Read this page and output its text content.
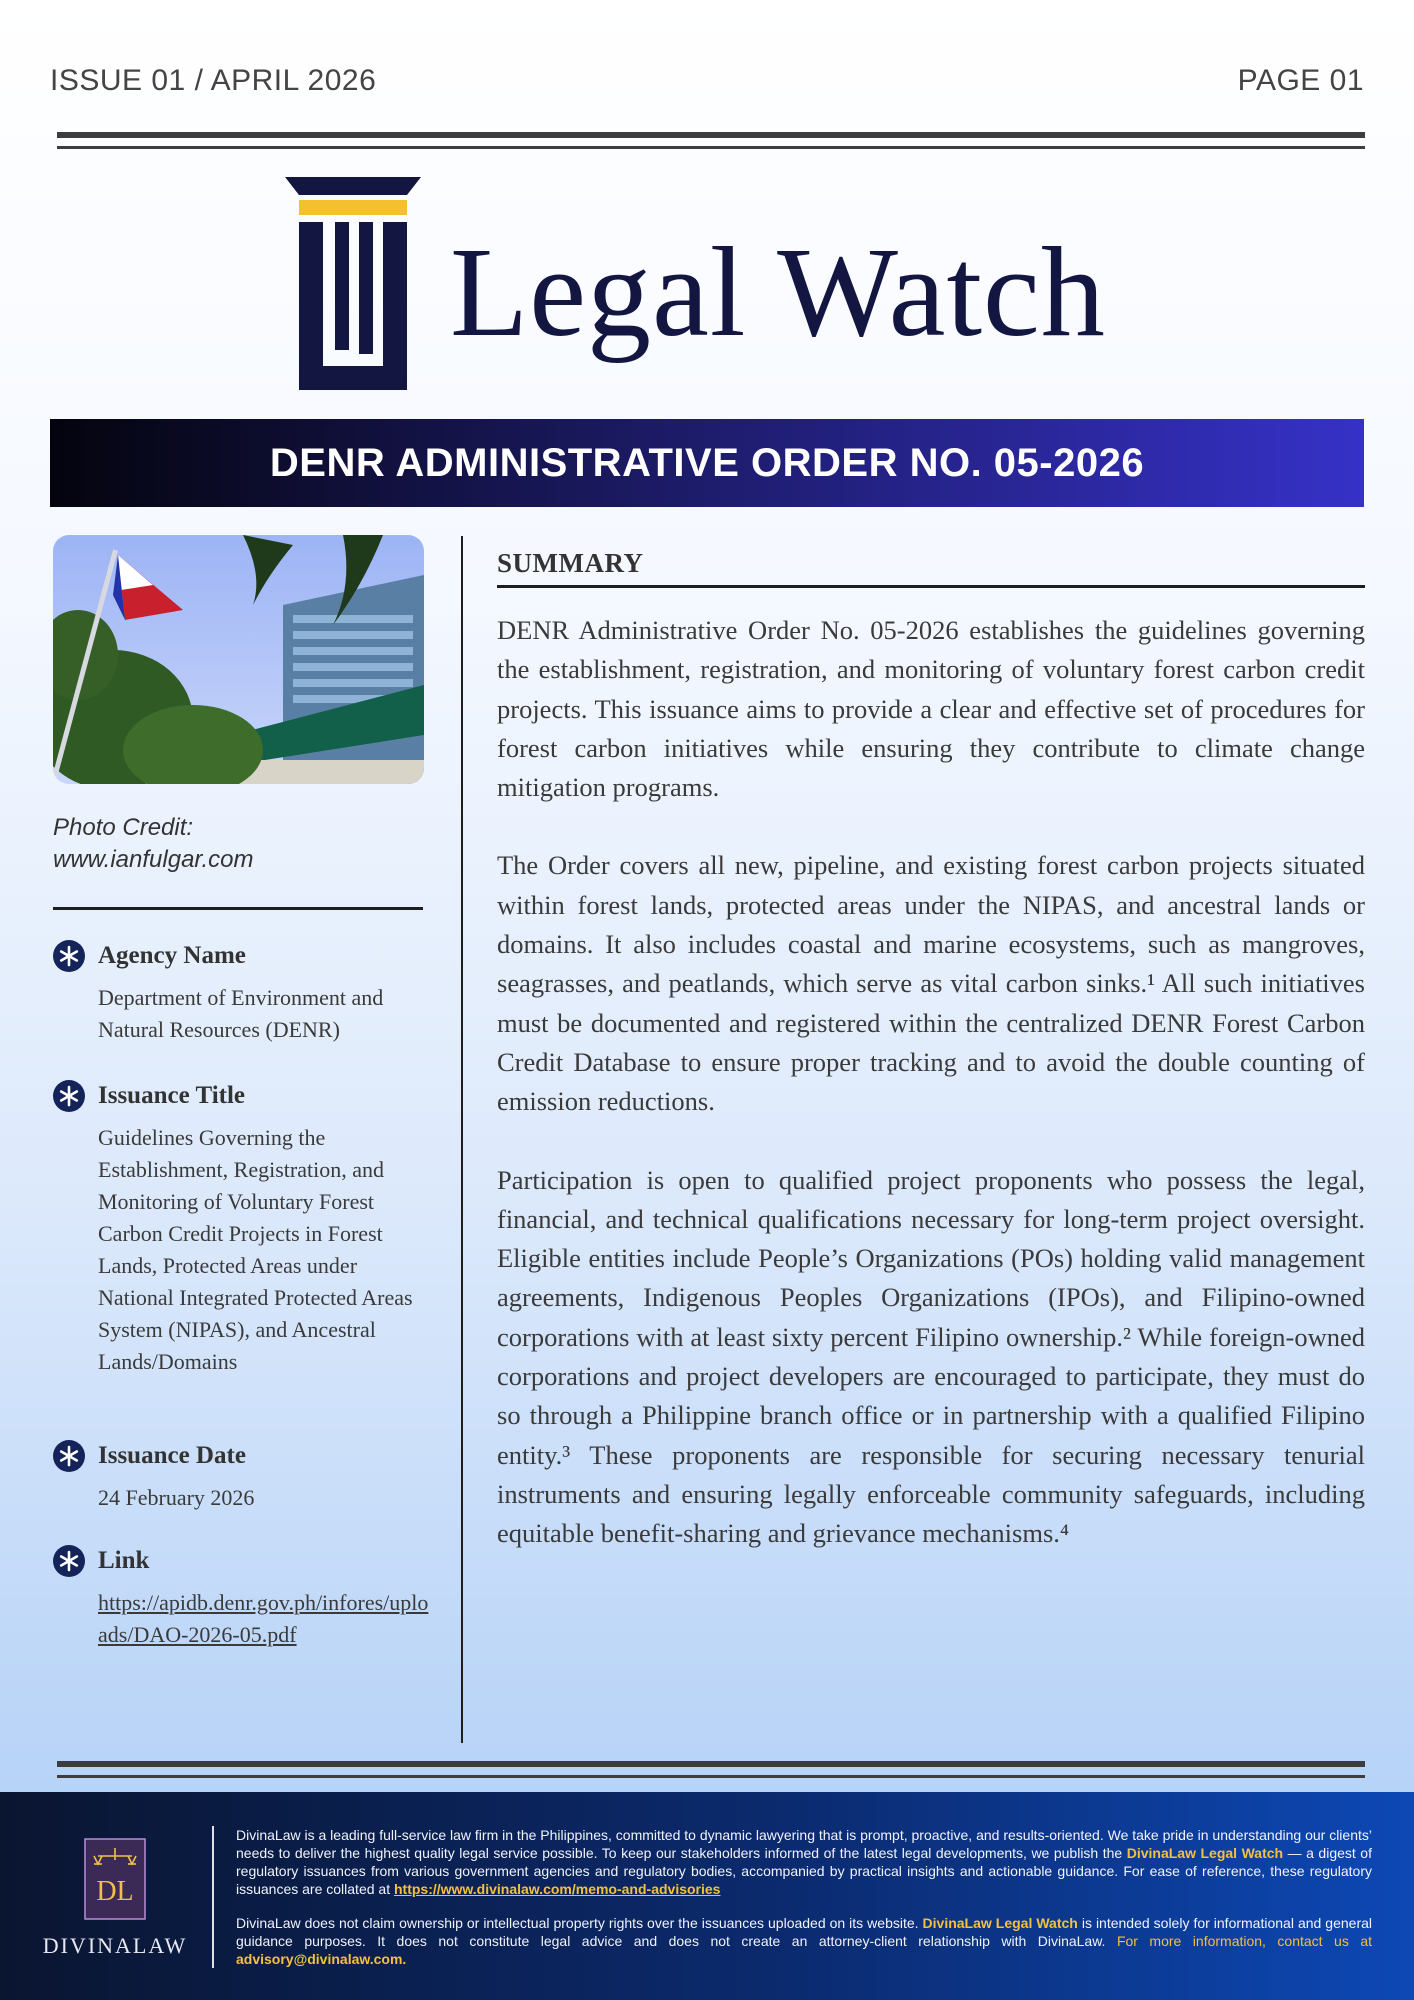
ISSUE 01 / APRIL 2026	PAGE 01
Legal Watch
DENR ADMINISTRATIVE ORDER NO. 05-2026
Photo Credit:
www.ianfulgar.com
Agency Name
Department of Environment and Natural Resources (DENR)
Issuance Title
Guidelines Governing the Establishment, Registration, and Monitoring of Voluntary Forest Carbon Credit Projects in Forest Lands, Protected Areas under National Integrated Protected Areas System (NIPAS), and Ancestral Lands/Domains
Issuance Date
24 February 2026
Link
https://apidb.denr.gov.ph/infores/uploads/DAO-2026-05.pdf
SUMMARY

DENR Administrative Order No. 05-2026 establishes the guidelines governing the establishment, registration, and monitoring of voluntary forest carbon credit projects. This issuance aims to provide a clear and effective set of procedures for forest carbon initiatives while ensuring they contribute to climate change mitigation programs.

The Order covers all new, pipeline, and existing forest carbon projects situated within forest lands, protected areas under the NIPAS, and ancestral lands or domains. It also includes coastal and marine ecosystems, such as mangroves, seagrasses, and peatlands, which serve as vital carbon sinks.¹ All such initiatives must be documented and registered within the centralized DENR Forest Carbon Credit Database to ensure proper tracking and to avoid the double counting of emission reductions.

Participation is open to qualified project proponents who possess the legal, financial, and technical qualifications necessary for long-term project oversight. Eligible entities include People’s Organizations (POs) holding valid management agreements, Indigenous Peoples Organizations (IPOs), and Filipino-owned corporations with at least sixty percent Filipino ownership.² While foreign-owned corporations and project developers are encouraged to participate, they must do so through a Philippine branch office or in partnership with a qualified Filipino entity.³ These proponents are responsible for securing necessary tenurial instruments and ensuring legally enforceable community safeguards, including equitable benefit-sharing and grievance mechanisms.⁴

DL
DIVINALAW
DivinaLaw is a leading full-service law firm in the Philippines, committed to dynamic lawyering that is prompt, proactive, and results-oriented. We take pride in understanding our clients’ needs to deliver the highest quality legal service possible. To keep our stakeholders informed of the latest legal developments, we publish the DivinaLaw Legal Watch — a digest of regulatory issuances from various government agencies and regulatory bodies, accompanied by practical insights and actionable guidance. For ease of reference, these regulatory issuances are collated at https://www.divinalaw.com/memo-and-advisories
DivinaLaw does not claim ownership or intellectual property rights over the issuances uploaded on its website. DivinaLaw Legal Watch is intended solely for informational and general guidance purposes. It does not constitute legal advice and does not create an attorney-client relationship with DivinaLaw. For more information, contact us at advisory@divinalaw.com.
